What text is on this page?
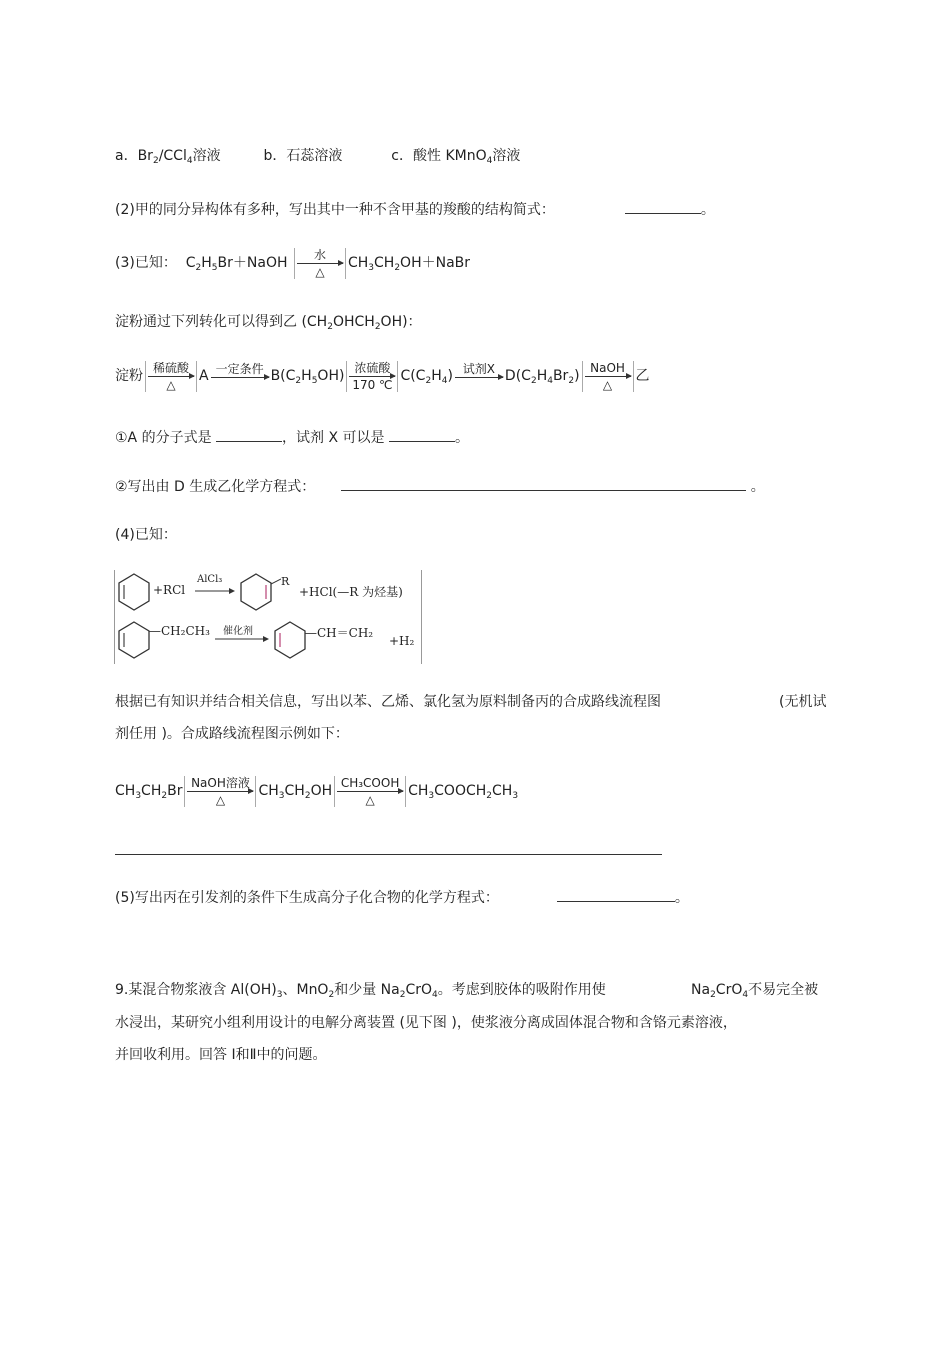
a．$Br_2/CCl_4$溶液	b．石蕊溶液	c．酸性 KMnO$_4$溶液
(2)甲的同分异构体有多种，写出其中一种不含甲基的羧酸的结构简式：	。
(3)已知： $C_2H_5Br+NaOH$
水
△
$CH_3CH_2OH+NaBr$
淀粉通过下列转化可以得到乙 $(CH_2OHCH_2OH)$：
淀粉
稀硫酸
△
A 一定条件 $B(C_2H_5OH)$
浓硫酸
170 ℃
$C(C_2H_4)$ 试剂X $D(C_2H_4Br_2)$
NaOH
△
乙
①A 的分子式是	，试剂 X 可以是	。
②写出由 D 生成乙化学方程式：	。
(4)已知：
+RCl
AlCl₃	R
+HCl(—R 为烃基)
—CH₂CH₃ 催化剂	—CH＝CH₂
+H₂
根据已有知识并结合相关信息，写出以苯、乙烯、氯化氢为原料制备丙的合成路线流程图	(无机试
剂任用 )。合成路线流程图示例如下：
$CH_3CH_2Br$
NaOH溶液
△
$CH_3CH_2OH$
CH₃COOH
△
$CH_3COOCH_2CH_3$
(5)写出丙在引发剂的条件下生成高分子化合物的化学方程式：	。
9.某混合物浆液含 $Al(OH)_3$、MnO$_2$和少量 $Na_2CrO_4$。考虑到胶体的吸附作用使	$Na_2CrO_4$不易完全被
水浸出，某研究小组利用设计的电解分离装置 (见下图 )，使浆液分离成固体混合物和含铬元素溶液，
并回收利用。回答 Ⅰ和Ⅱ中的问题。
